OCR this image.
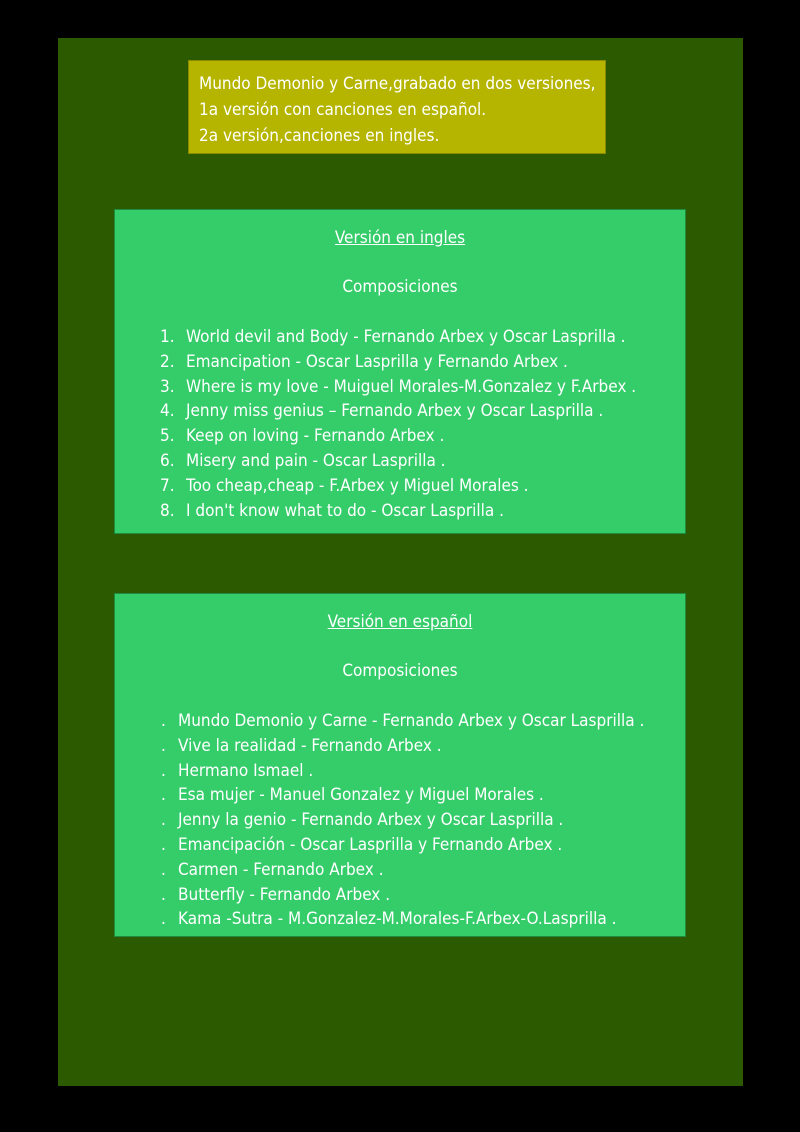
Mundo Demonio y Carne,grabado en dos versiones,
1a versión con canciones en español.
2a versión,canciones en ingles.
Versión en ingles
Composiciones
1. World devil and Body - Fernando Arbex y Oscar Lasprilla .
2. Emancipation - Oscar Lasprilla y Fernando Arbex .
3. Where is my love - Muiguel Morales-M.Gonzalez y F.Arbex .
4. Jenny miss genius – Fernando Arbex y Oscar Lasprilla .
5. Keep on loving - Fernando Arbex .
6. Misery and pain - Oscar Lasprilla .
7. Too cheap,cheap - F.Arbex y Miguel Morales .
8. I don't know what to do - Oscar Lasprilla .
Versión en español
Composiciones
. Mundo Demonio y Carne - Fernando Arbex y Oscar Lasprilla .
. Vive la realidad - Fernando Arbex .
. Hermano Ismael .
. Esa mujer - Manuel Gonzalez y Miguel Morales .
. Jenny la genio - Fernando Arbex y Oscar Lasprilla .
. Emancipación - Oscar Lasprilla y Fernando Arbex .
. Carmen - Fernando Arbex .
. Butterfly - Fernando Arbex .
. Kama -Sutra - M.Gonzalez-M.Morales-F.Arbex-O.Lasprilla .
